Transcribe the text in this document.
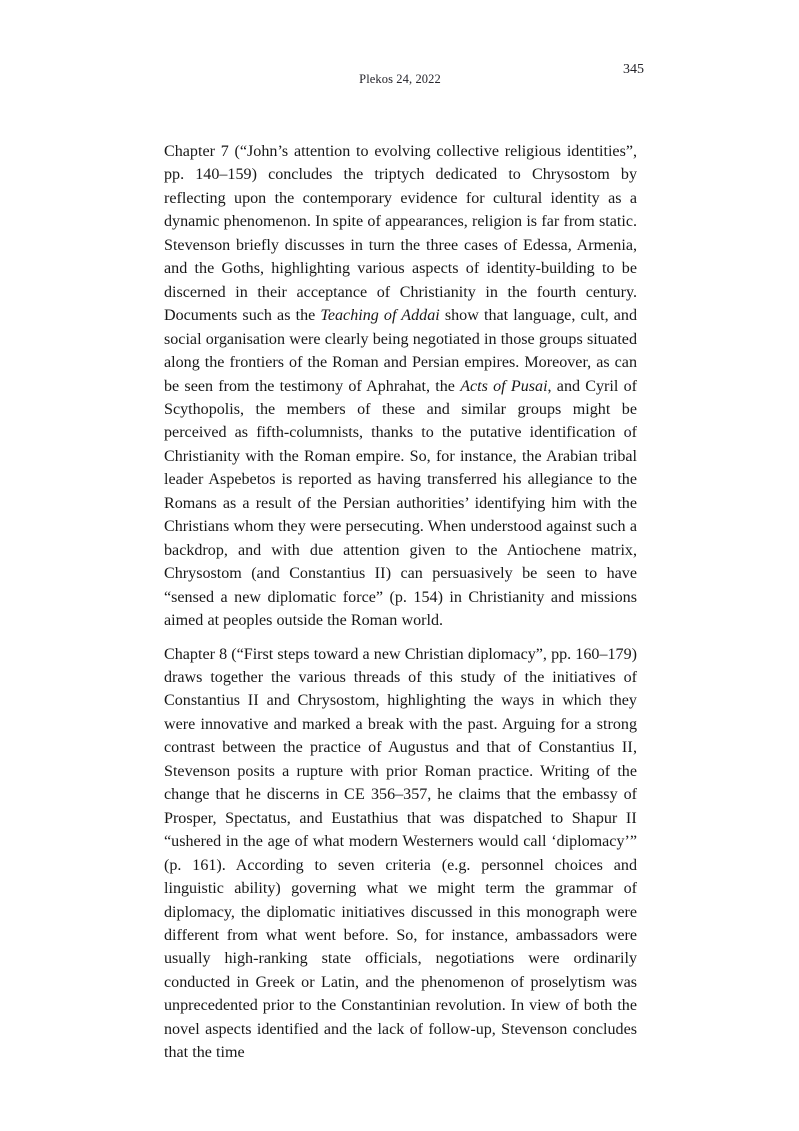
Plekos 24, 2022
345

Chapter 7 (“John’s attention to evolving collective religious identities”, pp. 140–159) concludes the triptych dedicated to Chrysostom by reflecting upon the contemporary evidence for cultural identity as a dynamic phenomenon. In spite of appearances, religion is far from static. Stevenson briefly discusses in turn the three cases of Edessa, Armenia, and the Goths, highlighting various aspects of identity-building to be discerned in their acceptance of Christianity in the fourth century. Documents such as the Teaching of Addai show that language, cult, and social organisation were clearly being negotiated in those groups situated along the frontiers of the Roman and Persian empires. Moreover, as can be seen from the testimony of Aphrahat, the Acts of Pusai, and Cyril of Scythopolis, the members of these and similar groups might be perceived as fifth-columnists, thanks to the putative identification of Christianity with the Roman empire. So, for instance, the Arabian tribal leader Aspebetos is reported as having transferred his allegiance to the Romans as a result of the Persian authorities’ identifying him with the Christians whom they were persecuting. When understood against such a backdrop, and with due attention given to the Antiochene matrix, Chrysostom (and Constantius II) can persuasively be seen to have “sensed a new diplomatic force” (p. 154) in Christianity and missions aimed at peoples outside the Roman world.

Chapter 8 (“First steps toward a new Christian diplomacy”, pp. 160–179) draws together the various threads of this study of the initiatives of Constantius II and Chrysostom, highlighting the ways in which they were innovative and marked a break with the past. Arguing for a strong contrast between the practice of Augustus and that of Constantius II, Stevenson posits a rupture with prior Roman practice. Writing of the change that he discerns in CE 356–357, he claims that the embassy of Prosper, Spectatus, and Eustathius that was dispatched to Shapur II “ushered in the age of what modern Westerners would call ‘diplomacy’” (p. 161). According to seven criteria (e.g. personnel choices and linguistic ability) governing what we might term the grammar of diplomacy, the diplomatic initiatives discussed in this monograph were different from what went before. So, for instance, ambassadors were usually high-ranking state officials, negotiations were ordinarily conducted in Greek or Latin, and the phenomenon of proselytism was unprecedented prior to the Constantinian revolution. In view of both the novel aspects identified and the lack of follow-up, Stevenson concludes that the time
